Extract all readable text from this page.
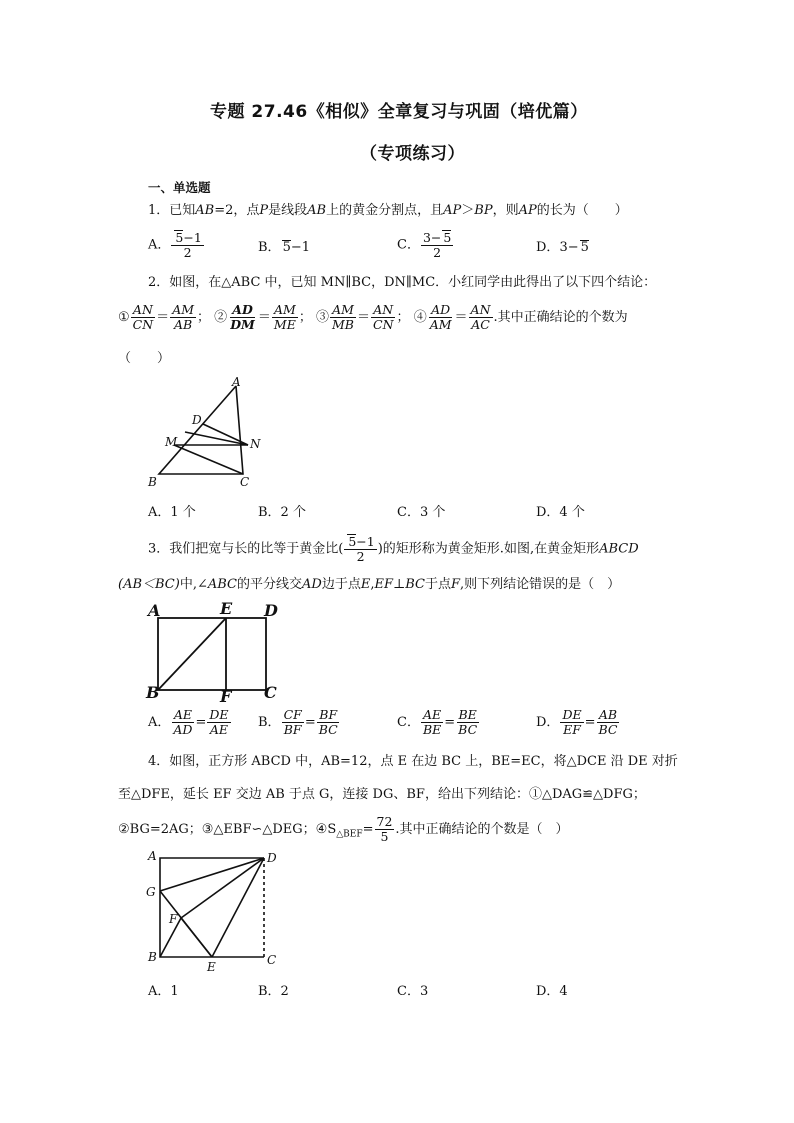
专题 27.46《相似》全章复习与巩固（培优篇）
（专项练习）
一、单选题
1．已知AB=2，点P是线段AB上的黄金分割点，且AP＞BP，则AP的长为（　　）
A． $\frac{5-1}{2}$	B． 5−1	C． $\frac{3- 5}{2}$	D．3− 5
2．如图，在△ABC 中，已知 MN∥BC，DN∥MC．小红同学由此得出了以下四个结论：
① $\frac{AN}{CN} = \frac{AM}{AB}$ ； ② $\frac{AD}{DM} = \frac{AM}{ME}$ ； ③ $\frac{AM}{MB} = \frac{AN}{CN}$ ； ④ $\frac{AD}{AM} = \frac{AN}{AC}$ .其中正确结论的个数为
（　　）
A
D
M	N
B	C
A．1 个	B．2 个	C．3 个	D．4 个
3．我们把宽与长的比等于黄金比( $\frac{5-1}{2}$ )的矩形称为黄金矩形.如图,在黄金矩形ABCD
(AB＜BC)中,∠ABC的平分线交AD边于点E,EF⊥BC于点F,则下列结论错误的是（　）
A	E D
B	F C
A． $\frac{AE}{AD} = \frac{DE}{AE}$ B． $\frac{CF}{BF} = \frac{BF}{BC}$	C． $\frac{AE}{BE} = \frac{BE}{BC}$	D． $\frac{DE}{EF} = \frac{AB}{BC}$
4．如图，正方形 ABCD 中，AB=12，点 E 在边 BC 上，BE=EC，将△DCE 沿 DE 对折
至△DFE，延长 EF 交边 AB 于点 G，连接 DG、BF，给出下列结论：①△DAG≌△DFG；
②BG=2AG；③△EBF∽△DEG；$④S_{\triangle BEF}= \frac{72}{5}$ .其中正确结论的个数是（　）
A	D
G
F
B
E	C
A．1	B．2	C．3	D．4
